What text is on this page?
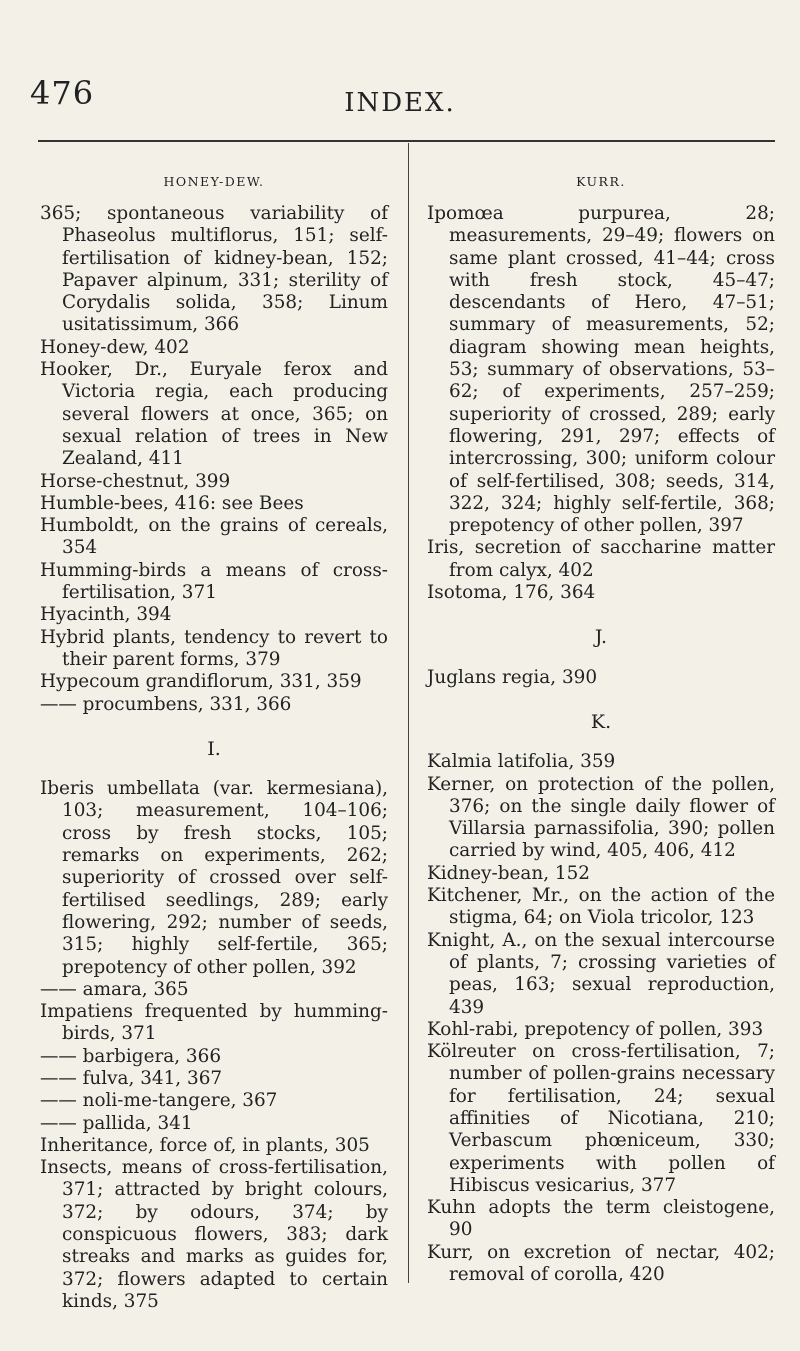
476	INDEX.
HONEY-DEW.
365; spontaneous variability of Phaseolus multiflorus, 151; self-fertilisation of kidney-bean, 152; Papaver alpinum, 331; sterility of Corydalis solida, 358; Linum usitatissimum, 366
Honey-dew, 402
Hooker, Dr., Euryale ferox and Victoria regia, each producing several flowers at once, 365; on sexual relation of trees in New Zealand, 411
Horse-chestnut, 399
Humble-bees, 416: see Bees
Humboldt, on the grains of cereals, 354
Humming-birds a means of cross-fertilisation, 371
Hyacinth, 394
Hybrid plants, tendency to revert to their parent forms, 379
Hypecoum grandiflorum, 331, 359
—— procumbens, 331, 366
I.
Iberis umbellata (var. kermesiana), 103; measurement, 104–106; cross by fresh stocks, 105; remarks on experiments, 262; superiority of crossed over self-fertilised seedlings, 289; early flowering, 292; number of seeds, 315; highly self-fertile, 365; prepotency of other pollen, 392
—— amara, 365
Impatiens frequented by humming-birds, 371
—— barbigera, 366
—— fulva, 341, 367
—— noli-me-tangere, 367
—— pallida, 341
Inheritance, force of, in plants, 305
Insects, means of cross-fertilisation, 371; attracted by bright colours, 372; by odours, 374; by conspicuous flowers, 383; dark streaks and marks as guides for, 372; flowers adapted to certain kinds, 375
KURR.
Ipomœa purpurea, 28; measurements, 29–49; flowers on same plant crossed, 41–44; cross with fresh stock, 45–47; descendants of Hero, 47–51; summary of measurements, 52; diagram showing mean heights, 53; summary of observations, 53–62; of experiments, 257–259; superiority of crossed, 289; early flowering, 291, 297; effects of intercrossing, 300; uniform colour of self-fertilised, 308; seeds, 314, 322, 324; highly self-fertile, 368; prepotency of other pollen, 397
Iris, secretion of saccharine matter from calyx, 402
Isotoma, 176, 364
J.
Juglans regia, 390
K.
Kalmia latifolia, 359
Kerner, on protection of the pollen, 376; on the single daily flower of Villarsia parnassifolia, 390; pollen carried by wind, 405, 406, 412
Kidney-bean, 152
Kitchener, Mr., on the action of the stigma, 64; on Viola tricolor, 123
Knight, A., on the sexual intercourse of plants, 7; crossing varieties of peas, 163; sexual reproduction, 439
Kohl-rabi, prepotency of pollen, 393
Kölreuter on cross-fertilisation, 7; number of pollen-grains necessary for fertilisation, 24; sexual affinities of Nicotiana, 210; Verbascum phœniceum, 330; experiments with pollen of Hibiscus vesicarius, 377
Kuhn adopts the term cleistogene, 90
Kurr, on excretion of nectar, 402; removal of corolla, 420
